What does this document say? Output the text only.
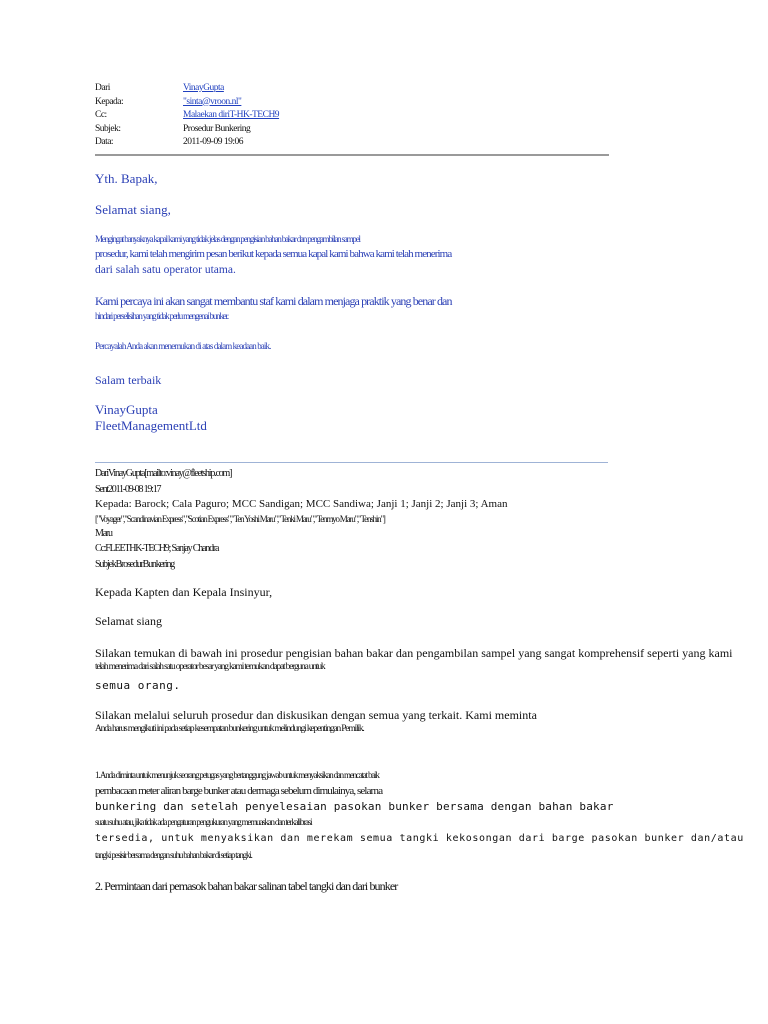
Dari	VinayGupta
Kepada:	"sinta@vroon.nl"
Cc:	Malaekan diriT-HK-TECH9
Subjek:	Prosedur Bunkering
Data:	2011-09-09 19:06
Yth. Bapak,
Selamat siang,
Mengingat banyaknya kapal kami yang tidak jelas dengan pengisian bahan bakar dan pengambilan sampel
prosedur, kami telah mengirim pesan berikut kepada semua kapal kami bahwa kami telah menerima
dari salah satu operator utama.
Kami percaya ini akan sangat membantu staf kami dalam menjaga praktik yang benar dan
hindari perselisihan yang tidak perlu mengenai bunker.
Percayalah Anda akan menemukan di atas dalam keadaan baik.
Salam terbaik
VinayGupta
FleetManagementLtd
DariVinayGupta[mailto:vinay@fleetship.com]
Sent2011-09-08 19:17
Kepada: Barock; Cala Paguro; MCC Sandigan; MCC Sandiwa; Janji 1; Janji 2; Janji 3; Aman
["Voyager","Scandinavian Express","Scotian Express","Ten Yoshi Maru","Tenki Maru","Tenmyo Maru","Tenshin"]
Maru
Cc:FLEETHK-TECH9; Sanjay Chandra
SubjekBrosedurBunkering
Kepada Kapten dan Kepala Insinyur,
Selamat siang
Silakan temukan di bawah ini prosedur pengisian bahan bakar dan pengambilan sampel yang sangat komprehensif seperti yang kami
telah menerima dari salah satu operator besar yang kami temukan dapat berguna untuk
semua orang.
Silakan melalui seluruh prosedur dan diskusikan dengan semua yang terkait. Kami meminta
Anda harus mengikuti ini pada setiap kesempatan bunkering untuk melindungi kepentingan Pemilik.
1. Anda diminta untuk menunjuk seorang petugas yang bertanggung jawab untuk menyaksikan dan mencatat baik
pembacaan meter aliran barge bunker atau dermaga sebelum dimulainya, selama
bunkering dan setelah penyelesaian pasokan bunker bersama dengan bahan bakar
suatu suhu atau, jika tidak ada pengaturan pengukuran yang memuaskan dan terkalibrasi
tersedia, untuk menyaksikan dan merekam semua tangki kekosongan dari barge pasokan bunker dan/atau
tangki pesisir bersama dengan suhu bahan bakar di setiap tangki.
2. Permintaan dari pemasok bahan bakar salinan tabel tangki dan dari bunker
